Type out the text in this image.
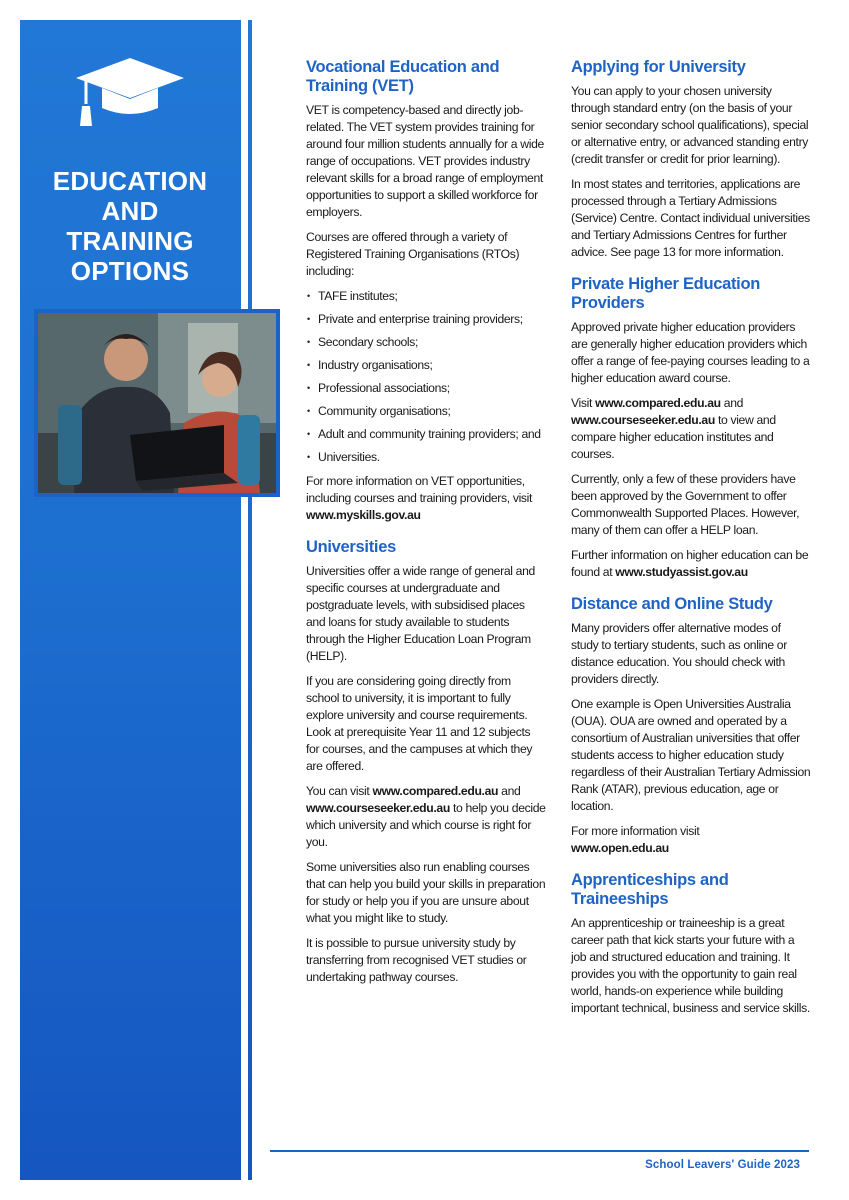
EDUCATION
AND
TRAINING
OPTIONS
Vocational Education and Training (VET)

VET is competency-based and directly job-related. The VET system provides training for around four million students annually for a wide range of occupations. VET provides industry relevant skills for a broad range of employment opportunities to support a skilled workforce for employers.

Courses are offered through a variety of Registered Training Organisations (RTOs) including:

• TAFE institutes;
• Private and enterprise training providers;
• Secondary schools;
• Industry organisations;
• Professional associations;
• Community organisations;
• Adult and community training providers; and
• Universities.

For more information on VET opportunities, including courses and training providers, visit www.myskills.gov.au

Universities

Universities offer a wide range of general and specific courses at undergraduate and postgraduate levels, with subsidised places and loans for study available to students through the Higher Education Loan Program (HELP).

If you are considering going directly from school to university, it is important to fully explore university and course requirements. Look at prerequisite Year 11 and 12 subjects for courses, and the campuses at which they are offered.

You can visit www.compared.edu.au and www.courseseeker.edu.au to help you decide which university and which course is right for you.

Some universities also run enabling courses that can help you build your skills in preparation for study or help you if you are unsure about what you might like to study.

It is possible to pursue university study by transferring from recognised VET studies or undertaking pathway courses.

Applying for University

You can apply to your chosen university through standard entry (on the basis of your senior secondary school qualifications), special or alternative entry, or advanced standing entry (credit transfer or credit for prior learning).

In most states and territories, applications are processed through a Tertiary Admissions (Service) Centre. Contact individual universities and Tertiary Admissions Centres for further advice. See page 13 for more information.

Private Higher Education Providers

Approved private higher education providers are generally higher education providers which offer a range of fee-paying courses leading to a higher education award course.

Visit www.compared.edu.au and www.courseseeker.edu.au to view and compare higher education institutes and courses.

Currently, only a few of these providers have been approved by the Government to offer Commonwealth Supported Places. However, many of them can offer a HELP loan.

Further information on higher education can be found at www.studyassist.gov.au

Distance and Online Study

Many providers offer alternative modes of study to tertiary students, such as online or distance education. You should check with providers directly.

One example is Open Universities Australia (OUA). OUA are owned and operated by a consortium of Australian universities that offer students access to higher education study regardless of their Australian Tertiary Admission Rank (ATAR), previous education, age or location.

For more information visit
www.open.edu.au

Apprenticeships and Traineeships

An apprenticeship or traineeship is a great career path that kick starts your future with a job and structured education and training. It provides you with the opportunity to gain real world, hands-on experience while building important technical, business and service skills.

School Leavers' Guide 2023
